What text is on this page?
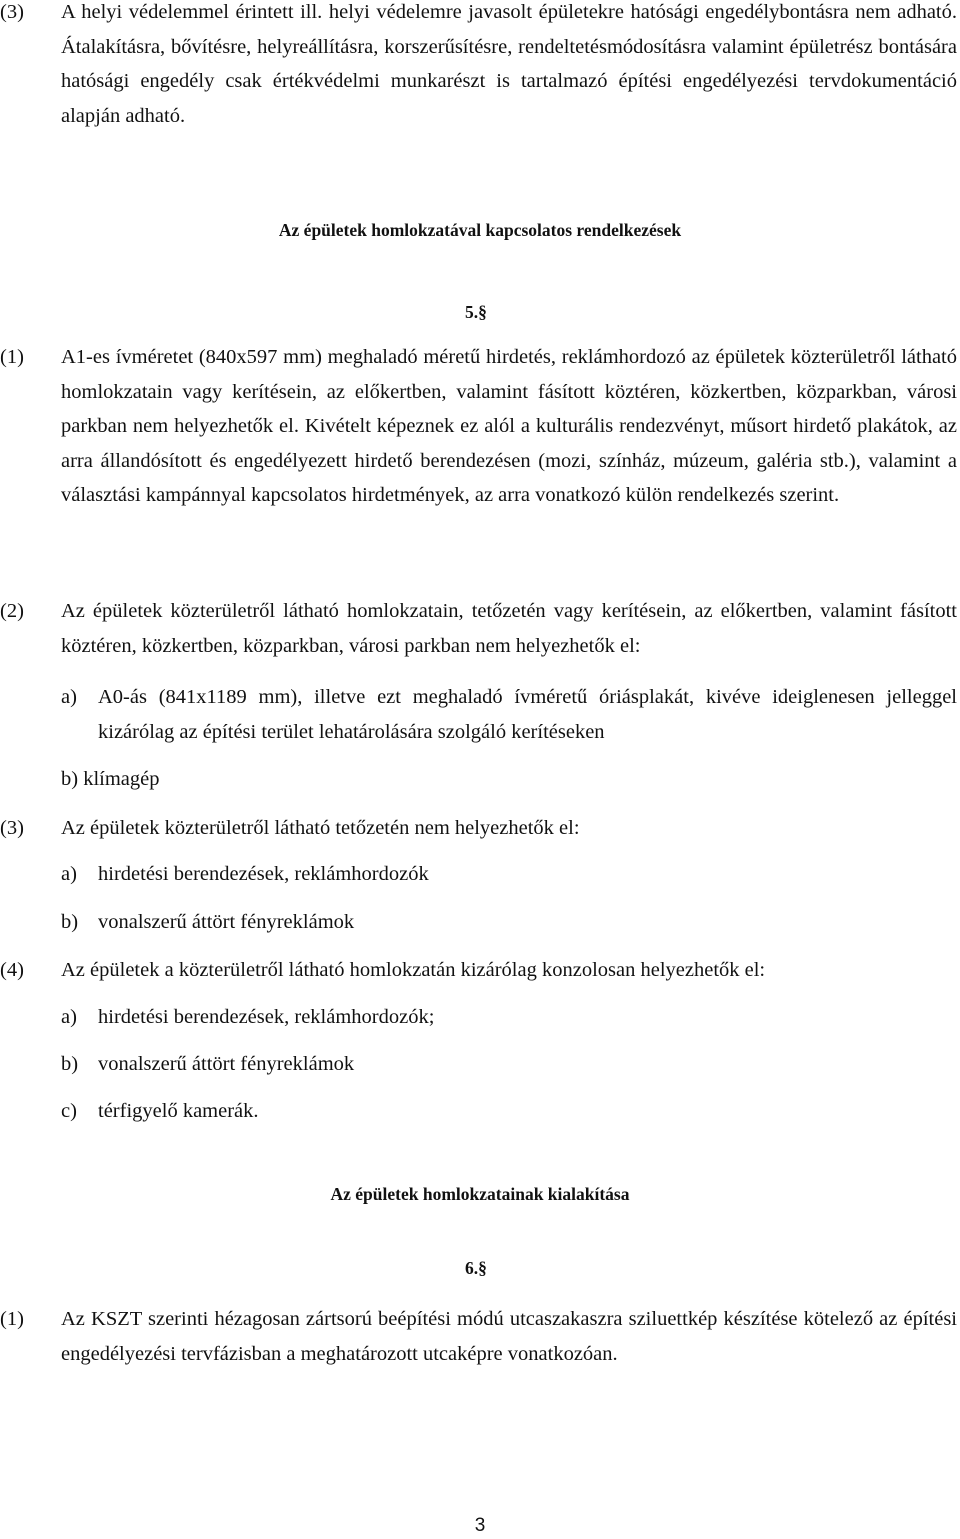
(3) A helyi védelemmel érintett ill. helyi védelemre javasolt épületekre hatósági engedélybontásra nem adható. Átalakításra, bővítésre, helyreállításra, korszerűsítésre, rendeltetésmódosításra valamint épületrész bontására hatósági engedély csak értékvédelmi munkarészt is tartalmazó építési engedélyezési tervdokumentáció alapján adható.
Az épületek homlokzatával kapcsolatos rendelkezések
5.§
(1) A1-es ívméretet (840x597 mm) meghaladó méretű hirdetés, reklámhordozó az épületek közterületről látható homlokzatain vagy kerítésein, az előkertben, valamint fásított köztéren, közkertben, közparkban, városi parkban nem helyezhetők el. Kivételt képeznek ez alól a kulturális rendezvényt, műsort hirdető plakátok, az arra állandósított és engedélyezett hirdető berendezésen (mozi, színház, múzeum, galéria stb.), valamint a választási kampánnyal kapcsolatos hirdetmények, az arra vonatkozó külön rendelkezés szerint.
(2) Az épületek közterületről látható homlokzatain, tetőzetén vagy kerítésein, az előkertben, valamint fásított köztéren, közkertben, közparkban, városi parkban nem helyezhetők el:
a) A0-ás (841x1189 mm), illetve ezt meghaladó ívméretű óriásplakát, kivéve ideiglenesen jelleggel kizárólag az építési terület lehatárolására szolgáló kerítéseken
b) klímagép
(3) Az épületek közterületről látható tetőzetén nem helyezhetők el:
a) hirdetési berendezések, reklámhordozók
b) vonalszerű áttört fényreklámok
(4) Az épületek a közterületről látható homlokzatán kizárólag konzolosan helyezhetők el:
a) hirdetési berendezések, reklámhordozók;
b) vonalszerű áttört fényreklámok
c) térfigyelő kamerák.
Az épületek homlokzatainak kialakítása
6.§
(1) Az KSZT szerinti hézagosan zártsorú beépítési módú utcaszakaszra sziluettkép készítése kötelező az építési engedélyezési tervfázisban a meghatározott utcaképre vonatkozóan.
3
